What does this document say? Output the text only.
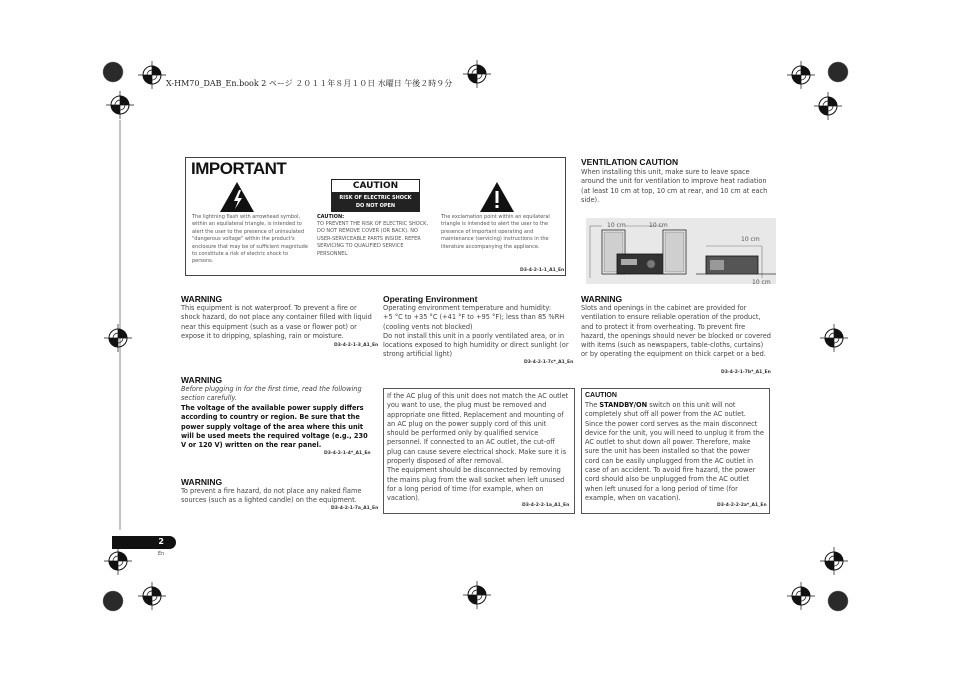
X-HM70_DAB_En.book 2 ページ ２０１１年８月１０日 水曜日 午後２時９分
IMPORTANT
CAUTION
RISK OF ELECTRIC SHOCK
DO NOT OPEN
The lightning flash with arrowhead symbol, within an equilateral triangle, is intended to alert the user to the presence of uninsulated "dangerous voltage" within the product's enclosure that may be of sufficient magnitude to constitute a risk of electric shock to persons.
CAUTION:
TO PREVENT THE RISK OF ELECTRIC SHOCK, DO NOT REMOVE COVER (OR BACK). NO USER-SERVICEABLE PARTS INSIDE. REFER SERVICING TO QUALIFIED SERVICE PERSONNEL.
The exclamation point within an equilateral triangle is intended to alert the user to the presence of important operating and maintenance (servicing) instructions in the literature accompanying the appliance.
D3-4-2-1-1_A1_En
VENTILATION CAUTION
When installing this unit, make sure to leave space around the unit for ventilation to improve heat radiation (at least 10 cm at top, 10 cm at rear, and 10 cm at each side).
10 cm	10 cm
10 cm
10 cm
WARNING
This equipment is not waterproof. To prevent a fire or shock hazard, do not place any container filled with liquid near this equipment (such as a vase or flower pot) or expose it to dripping, splashing, rain or moisture.
D3-4-2-1-3_A1_En
Operating Environment
Operating environment temperature and humidity:
+5 °C to +35 °C (+41 °F to +95 °F); less than 85 %RH (cooling vents not blocked)
Do not install this unit in a poorly ventilated area, or in locations exposed to high humidity or direct sunlight (or strong artificial light)
D3-4-2-1-7c*_A1_En
WARNING
Slots and openings in the cabinet are provided for ventilation to ensure reliable operation of the product, and to protect it from overheating. To prevent fire hazard, the openings should never be blocked or covered with items (such as newspapers, table-cloths, curtains) or by operating the equipment on thick carpet or a bed.
D3-4-2-1-7b*_A1_En
WARNING
Before plugging in for the first time, read the following section carefully.
The voltage of the available power supply differs according to country or region. Be sure that the power supply voltage of the area where this unit will be used meets the required voltage (e.g., 230 V or 120 V) written on the rear panel.
D3-4-2-1-4*_A1_En
WARNING
To prevent a fire hazard, do not place any naked flame sources (such as a lighted candle) on the equipment.
D3-4-2-1-7a_A1_En
If the AC plug of this unit does not match the AC outlet you want to use, the plug must be removed and appropriate one fitted. Replacement and mounting of an AC plug on the power supply cord of this unit should be performed only by qualified service personnel. If connected to an AC outlet, the cut-off plug can cause severe electrical shock. Make sure it is properly disposed of after removal.
The equipment should be disconnected by removing the mains plug from the wall socket when left unused for a long period of time (for example, when on vacation).
D3-4-2-2-1a_A1_En
CAUTION
The STANDBY/ON switch on this unit will not completely shut off all power from the AC outlet. Since the power cord serves as the main disconnect device for the unit, you will need to unplug it from the AC outlet to shut down all power. Therefore, make sure the unit has been installed so that the power cord can be easily unplugged from the AC outlet in case of an accident. To avoid fire hazard, the power cord should also be unplugged from the AC outlet when left unused for a long period of time (for example, when on vacation).
D3-4-2-2-2a*_A1_En
2
En
